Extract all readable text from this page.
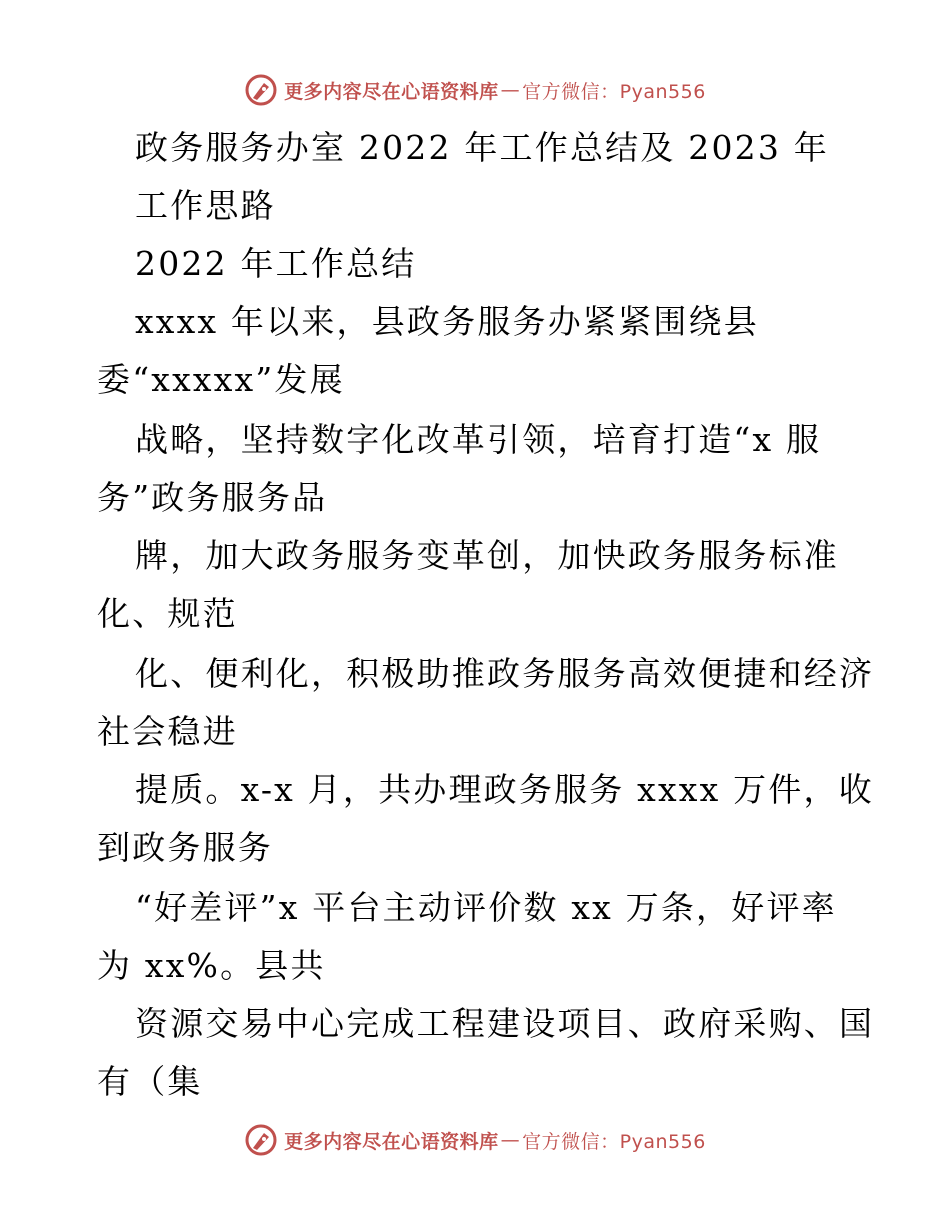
更多内容尽在心语资料库 — 官方微信：Pyan556
政务服务办室 2022 年工作总结及 2023 年
工作思路
2022 年工作总结
xxxx 年以来，县政务服务办紧紧围绕县
委“xxxxx”发展
战略，坚持数字化改革引领，培育打造“x 服
务”政务服务品
牌，加大政务服务变革创，加快政务服务标准
化、规范
化、便利化，积极助推政务服务高效便捷和经济
社会稳进
提质。x-x 月，共办理政务服务 xxxx 万件，收
到政务服务
“好差评”x 平台主动评价数 xx 万条，好评率
为 xx%。县共
资源交易中心完成工程建设项目、政府采购、国
有（集
更多内容尽在心语资料库 — 官方微信：Pyan556
